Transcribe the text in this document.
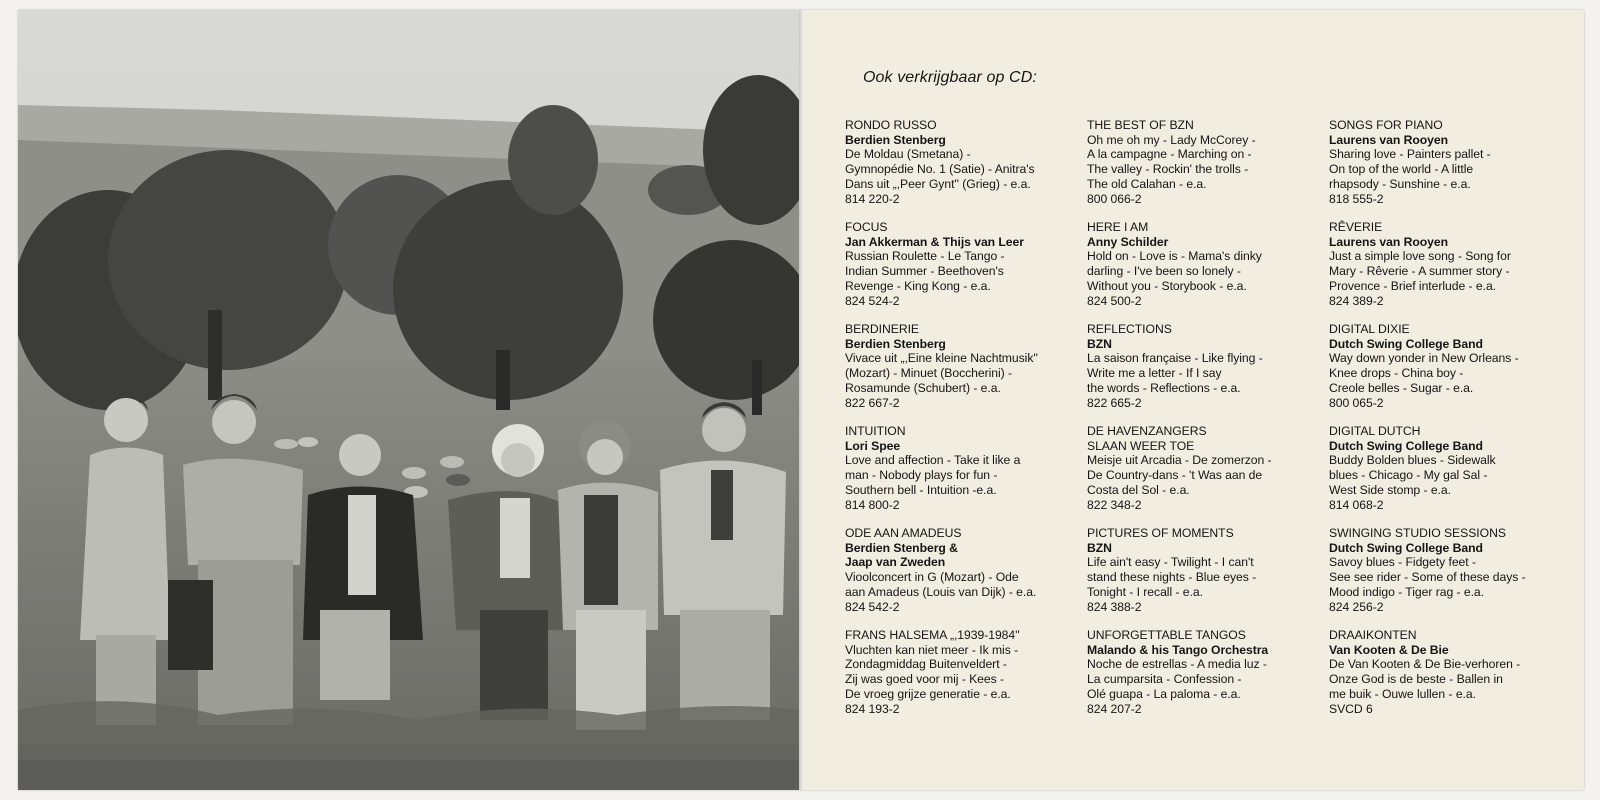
Ook verkrijgbaar op CD:
RONDO RUSSO
Berdien Stenberg
De Moldau (Smetana) -
Gymnopédie No. 1 (Satie) - Anitra's
Dans uit „,Peer Gynt'' (Grieg) - e.a.
814 220-2
FOCUS
Jan Akkerman & Thijs van Leer
Russian Roulette - Le Tango -
Indian Summer - Beethoven's
Revenge - King Kong - e.a.
824 524-2
BERDINERIE
Berdien Stenberg
Vivace uit „,Eine kleine Nachtmusik''
(Mozart) - Minuet (Boccherini) -
Rosamunde (Schubert) - e.a.
822 667-2
INTUITION
Lori Spee
Love and affection - Take it like a
man - Nobody plays for fun -
Southern bell - Intuition -e.a.
814 800-2
ODE AAN AMADEUS
Berdien Stenberg &
Jaap van Zweden
Vioolconcert in G (Mozart) - Ode
aan Amadeus (Louis van Dijk) - e.a.
824 542-2
FRANS HALSEMA „,1939-1984''
Vluchten kan niet meer - Ik mis -
Zondagmiddag Buitenveldert -
Zij was goed voor mij - Kees -
De vroeg grijze generatie - e.a.
824 193-2
THE BEST OF BZN
Oh me oh my - Lady McCorey -
A la campagne - Marching on -
The valley - Rockin' the trolls -
The old Calahan - e.a.
800 066-2
HERE I AM
Anny Schilder
Hold on - Love is - Mama's dinky
darling - I've been so lonely -
Without you - Storybook - e.a.
824 500-2
REFLECTIONS
BZN
La saison française - Like flying -
Write me a letter - If I say
the words - Reflections - e.a.
822 665-2
DE HAVENZANGERS
SLAAN WEER TOE
Meisje uit Arcadia - De zomerzon -
De Country-dans - 't Was aan de
Costa del Sol - e.a.
822 348-2
PICTURES OF MOMENTS
BZN
Life ain't easy - Twilight - I can't
stand these nights - Blue eyes -
Tonight - I recall - e.a.
824 388-2
UNFORGETTABLE TANGOS
Malando & his Tango Orchestra
Noche de estrellas - A media luz -
La cumparsita - Confession -
Olé guapa - La paloma - e.a.
824 207-2
SONGS FOR PIANO
Laurens van Rooyen
Sharing love - Painters pallet -
On top of the world - A little
rhapsody - Sunshine - e.a.
818 555-2
RÊVERIE
Laurens van Rooyen
Just a simple love song - Song for
Mary - Rêverie - A summer story -
Provence - Brief interlude - e.a.
824 389-2
DIGITAL DIXIE
Dutch Swing College Band
Way down yonder in New Orleans -
Knee drops - China boy -
Creole belles - Sugar - e.a.
800 065-2
DIGITAL DUTCH
Dutch Swing College Band
Buddy Bolden blues - Sidewalk
blues - Chicago - My gal Sal -
West Side stomp - e.a.
814 068-2
SWINGING STUDIO SESSIONS
Dutch Swing College Band
Savoy blues - Fidgety feet -
See see rider - Some of these days -
Mood indigo - Tiger rag - e.a.
824 256-2
DRAAIKONTEN
Van Kooten & De Bie
De Van Kooten & De Bie-verhoren -
Onze God is de beste - Ballen in
me buik - Ouwe lullen - e.a.
SVCD 6
